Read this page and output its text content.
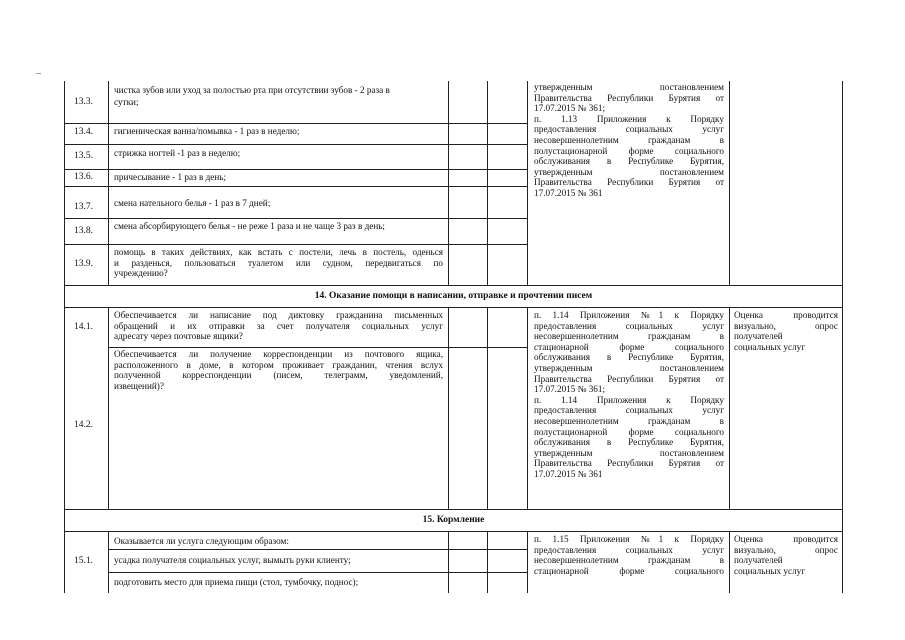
13.3.
чистка зубов или уход за полостью рта при отсутствии зубов - 2 раза в
сутки;
13.4. гигиеническая ванна/помывка - 1 раз в неделю;
13.5. стрижка ногтей -1 раз в неделю;
13.6. причесывание - 1 раз в день;
13.7. смена нательного белья - 1 раз в 7 дней;
13.8. смена абсорбирующего белья - не реже 1 раза и не чаще 3 раз в день;
13.9.
помощь в таких действиях, как встать с постели, лечь в постель, оденься
и разденься, пользоваться туалетом или судном, передвигаться по
учреждению?
утвержденным постановлением
Правительства Республики Бурятия от
17.07.2015 № 361;
п. 1.13 Приложения к Порядку
предоставления социальных услуг
несовершеннолетним гражданам в
полустационарной форме социального
обслуживания в Республике Бурятия,
утвержденным постановлением
Правительства Республики Бурятия от
17.07.2015 № 361
14. Оказание помощи в написании, отправке и прочтении писем
14.1.
Обеспечивается ли написание под диктовку гражданина письменных
обращений и их отправки за счет получателя социальных услуг
адресату через почтовые ящики?
14.2.
Обеспечивается ли получение корреспонденции из почтового ящика,
расположенного в доме, в котором проживает гражданин, чтения вслух
полученной корреспонденции (писем, телеграмм, уведомлений,
извещений)?
п. 1.14 Приложения №1 к Порядку
предоставления социальных услуг
несовершеннолетним гражданам в
стационарной форме социального
обслуживания в Республике Бурятия,
утвержденным постановлением
Правительства Республики Бурятия от
17.07.2015 № 361;
п. 1.14 Приложения к Порядку
предоставления социальных услуг
несовершеннолетним гражданам в
полустационарной форме социального
обслуживания в Республике Бурятия,
утвержденным постановлением
Правительства Республики Бурятия от
17.07.2015 № 361
Оценка проводится
визуально, опрос
получателей
социальных услуг
15. Кормление
15.1.
Оказывается ли услуга следующим образом:
усадка получателя социальных услуг, вымыть руки клиенту;
подготовить место для приема пищи (стол, тумбочку, поднос);
п. 1.15 Приложения №1 к Порядку
предоставления социальных услуг
несовершеннолетним гражданам в
стационарной форме социального
Оценка проводится
визуально, опрос
получателей
социальных услуг
